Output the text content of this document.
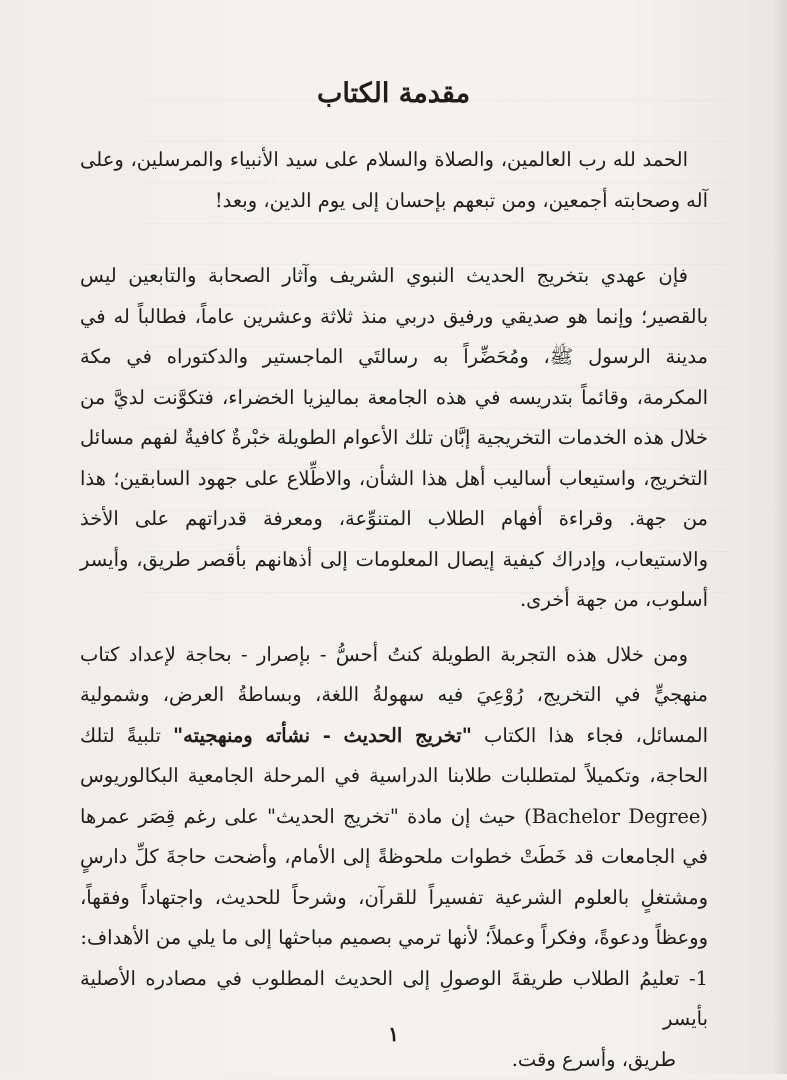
مقدمة الكتاب

الحمد لله رب العالمين، والصلاة والسلام على سيد الأنبياء والمرسلين، وعلى آله وصحابته أجمعين، ومن تبعهم بإحسان إلى يوم الدين، وبعد!

فإن عهدي بتخريج الحديث النبوي الشريف وآثار الصحابة والتابعين ليس بالقصير؛ وإنما هو صديقي ورفيق دربي منذ ثلاثة وعشرين عاماً، فطالباً له في مدينة الرسول ﷺ، ومُحَضِّراً به رسالتَي الماجستير والدكتوراه في مكة المكرمة، وقائماً بتدريسه في هذه الجامعة بماليزيا الخضراء، فتكوَّنت لديَّ من خلال هذه الخدمات التخريجية إبَّان تلك الأعوام الطويلة خبْرةٌ كافيةٌ لفهم مسائل التخريج، واستيعاب أساليب أهل هذا الشأن، والاطِّلاع على جهود السابقين؛ هذا من جهة. وقراءة أفهام الطلاب المتنوِّعة، ومعرفة قدراتهم على الأخذ والاستيعاب، وإدراك كيفية إيصال المعلومات إلى أذهانهم بأقصر طريق، وأيسر أسلوب، من جهة أخرى.

ومن خلال هذه التجربة الطويلة كنتُ أحسُّ - بإصرار - بحاجة لإعداد كتاب منهجيٍّ في التخريج، رُوْعِيَ فيه سهولةُ اللغة، وبساطةُ العرض، وشمولية المسائل، فجاء هذا الكتاب "تخريج الحديث - نشأته ومنهجيته" تلبيةً لتلك الحاجة، وتكميلاً لمتطلبات طلابنا الدراسية في المرحلة الجامعية البكالوريوس (Bachelor Degree) حيث إن مادة "تخريج الحديث" على رغم قِصَر عمرها في الجامعات قد خَطَتْ خطوات ملحوظةً إلى الأمام، وأضحت حاجةَ كلِّ دارسٍ ومشتغلٍ بالعلوم الشرعية تفسيراً للقرآن، وشرحاً للحديث، واجتهاداً وفقهاً، ووعظاً ودعوةً، وفكراً وعملاً؛ لأنها ترمي بصميم مباحثها إلى ما يلي من الأهداف:

1- تعليمُ الطلاب طريقةَ الوصولِ إلى الحديث المطلوب في مصادره الأصلية بأيسر
طريق، وأسرع وقت.

١
